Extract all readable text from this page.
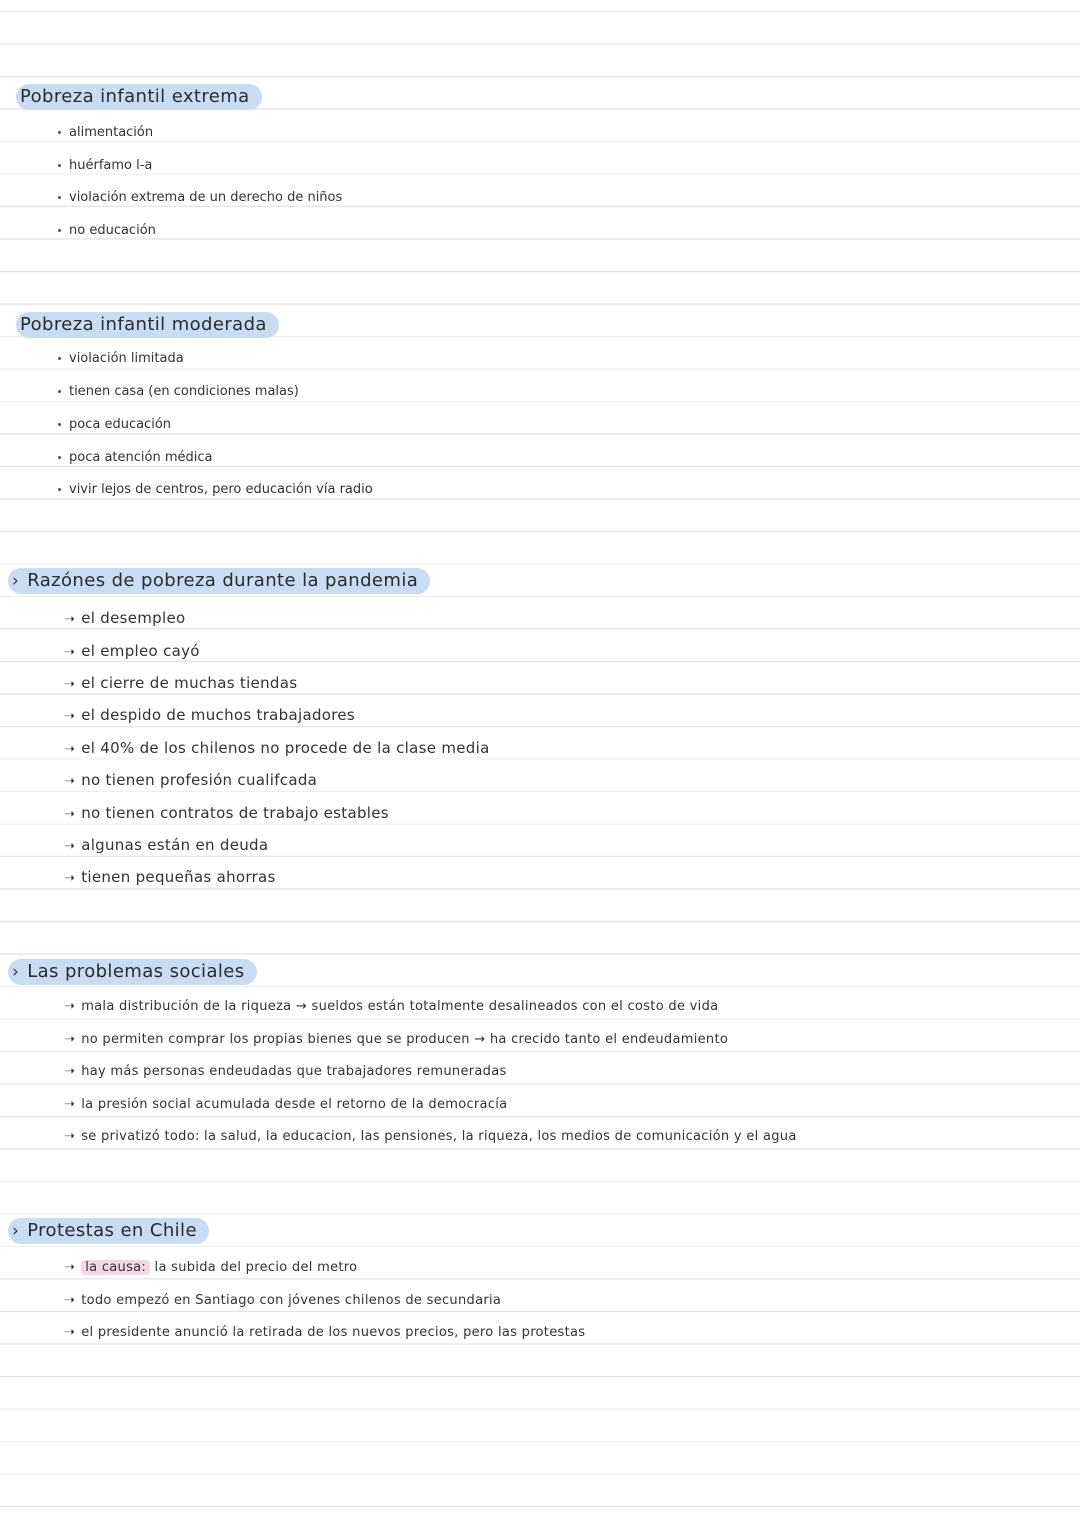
Pobreza infantil extrema
alimentación
huérfamo l-a
violación extrema de un derecho de niños
no educación
Pobreza infantil moderada
violación limitada
tienen casa (en condiciones malas)
poca educación
poca atención médica
vivir lejos de centros, pero educación vía radio
› Razónes de pobreza durante la pandemia
➝ el desempleo
➝ el empleo cayó
➝ el cierre de muchas tiendas
➝ el despido de muchos trabajadores
➝ el 40% de los chilenos no procede de la clase media
➝ no tienen profesión cualifcada
➝ no tienen contratos de trabajo estables
➝ algunas están en deuda
➝ tienen pequeñas ahorras
› Las problemas sociales
➝ mala distribución de la riqueza → sueldos están totalmente desalineados con el costo de vida
➝ no permiten comprar los propias bienes que se producen → ha crecido tanto el endeudamiento
➝ hay más personas endeudadas que trabajadores remuneradas
➝ la presión social acumulada desde el retorno de la democracía
➝ se privatizó todo: la salud, la educacion, las pensiones, la riqueza, los medios de comunicación y el agua
› Protestas en Chile
➝ la causa: la subida del precio del metro
➝ todo empezó en Santiago con jóvenes chilenos de secundaria
➝ el presidente anunció la retirada de los nuevos precios, pero las protestas
